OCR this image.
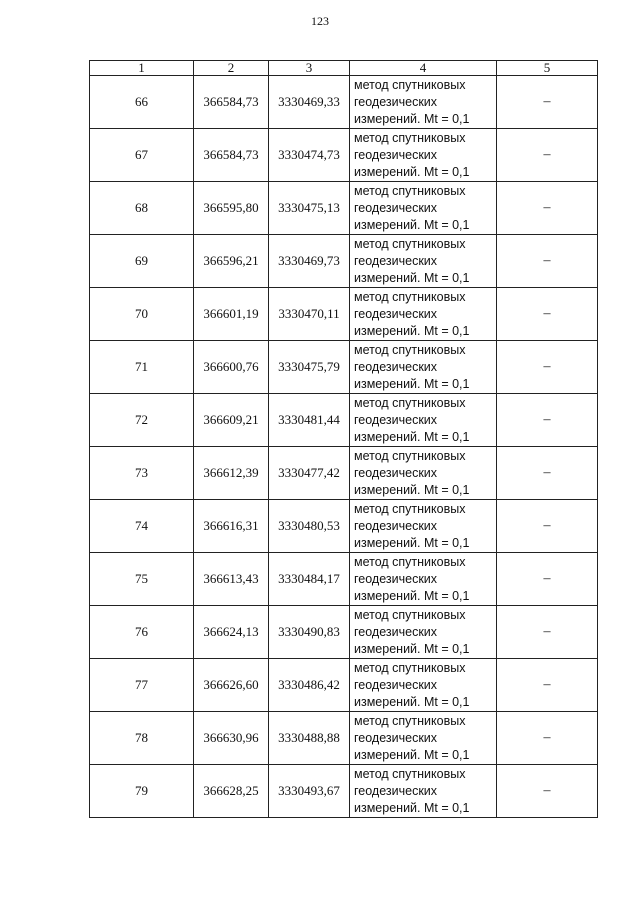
123
1	2	3	4	5
66	366584,73	3330469,33	метод спутниковых
геодезических
измерений. Mt = 0,1	–
67	366584,73	3330474,73	метод спутниковых
геодезических
измерений. Mt = 0,1	–
68	366595,80	3330475,13	метод спутниковых
геодезических
измерений. Mt = 0,1	–
69	366596,21	3330469,73	метод спутниковых
геодезических
измерений. Mt = 0,1	–
70	366601,19	3330470,11	метод спутниковых
геодезических
измерений. Mt = 0,1	–
71	366600,76	3330475,79	метод спутниковых
геодезических
измерений. Mt = 0,1	–
72	366609,21	3330481,44	метод спутниковых
геодезических
измерений. Mt = 0,1	–
73	366612,39	3330477,42	метод спутниковых
геодезических
измерений. Mt = 0,1	–
74	366616,31	3330480,53	метод спутниковых
геодезических
измерений. Mt = 0,1	–
75	366613,43	3330484,17	метод спутниковых
геодезических
измерений. Mt = 0,1	–
76	366624,13	3330490,83	метод спутниковых
геодезических
измерений. Mt = 0,1	–
77	366626,60	3330486,42	метод спутниковых
геодезических
измерений. Mt = 0,1	–
78	366630,96	3330488,88	метод спутниковых
геодезических
измерений. Mt = 0,1	–
79	366628,25	3330493,67	метод спутниковых
геодезических
измерений. Mt = 0,1	–
